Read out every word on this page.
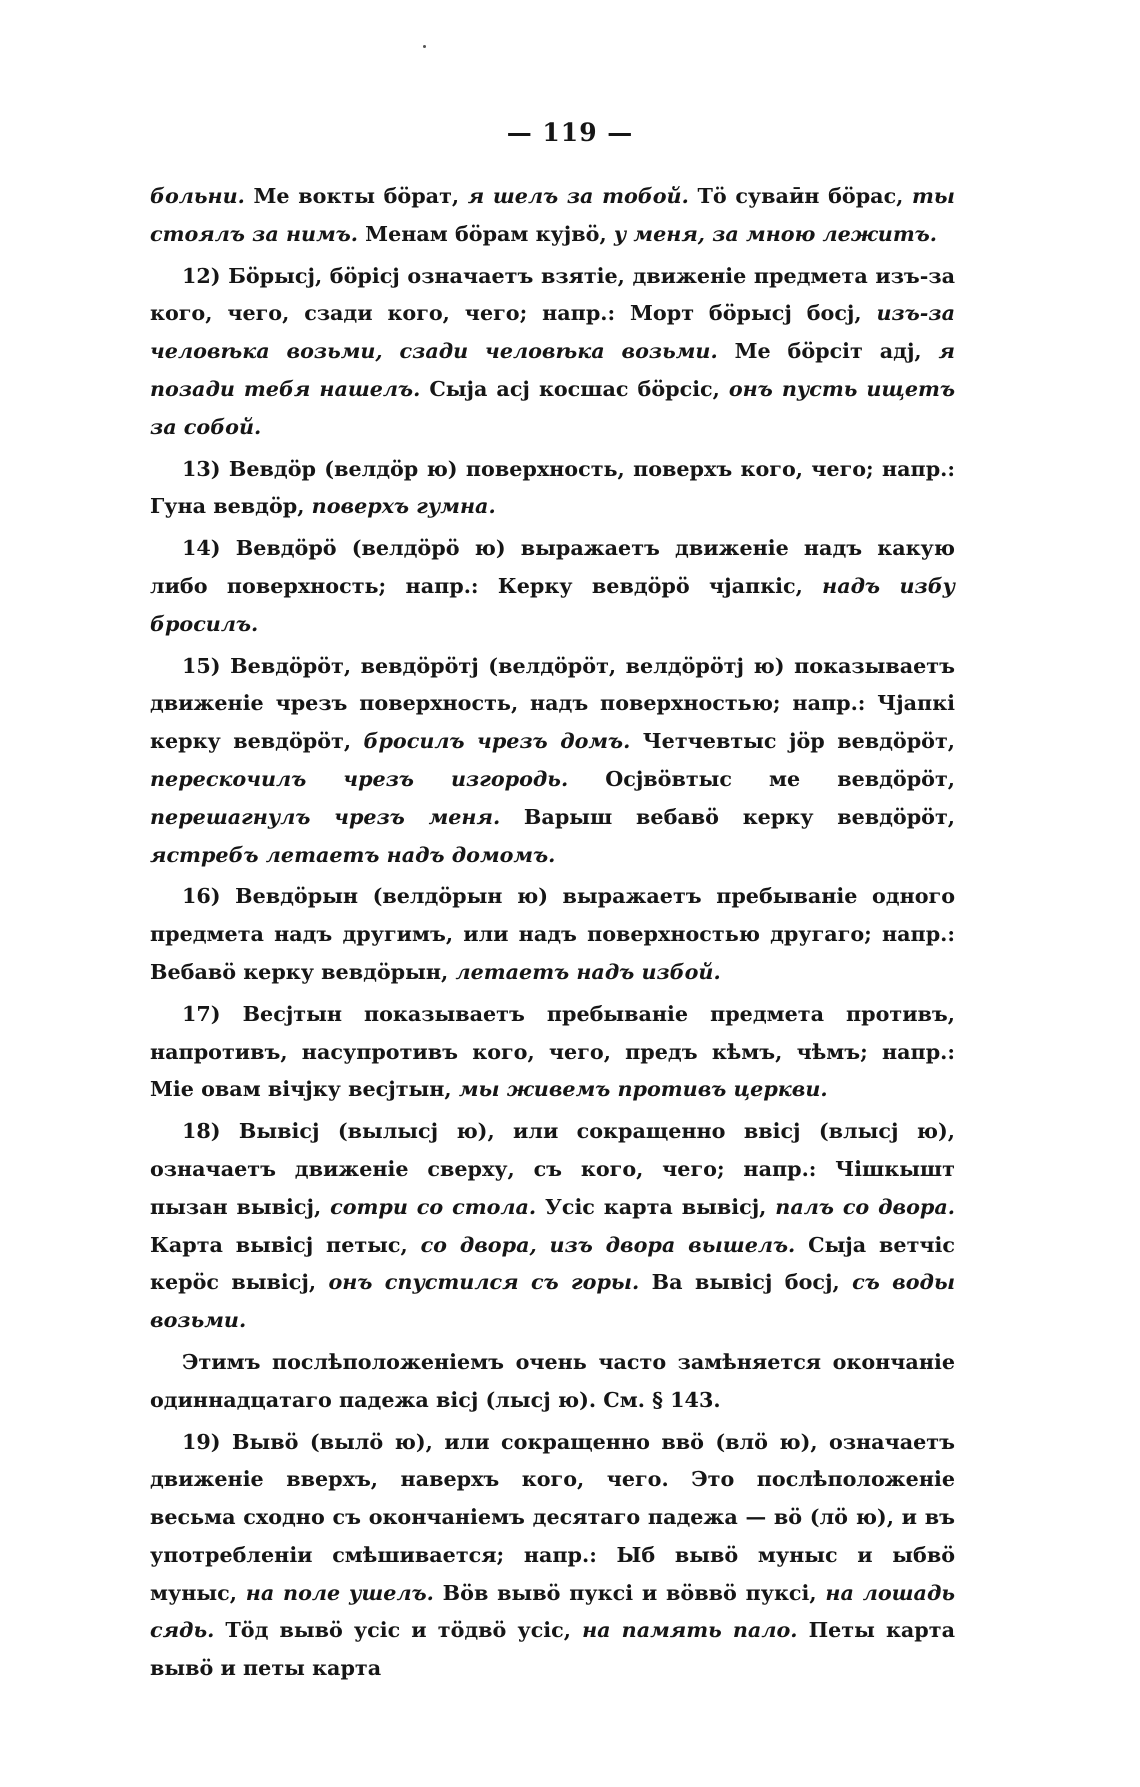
— 119 —

больни. Ме вокты бӧрат, я шелъ за тобой. Тӧ суваӣн бӧрас, ты стоялъ за нимъ. Менам бӧрам кујвӧ, у меня, за мною лежитъ.

12) Бӧрысј, бӧрісј означаетъ взятіе, движеніе предмета изъ-за кого, чего, сзади кого, чего; напр.: Морт бӧрысј босј, изъ-за человѣка возьми, сзади человѣка возьми. Ме бӧрсіт адј, я позади тебя нашелъ. Сыја асј косшас бӧрсіс, онъ пусть ищетъ за собой.

13) Вевдӧр (велдӧр ю) поверхность, поверхъ кого, чего; напр.: Гуна вевдӧр, поверхъ гумна.

14) Вевдӧрӧ (велдӧрӧ ю) выражаетъ движеніе надъ какую либо поверхность; напр.: Керку вевдӧрӧ чјапкіс, надъ избу бросилъ.

15) Вевдӧрӧт, вевдӧрӧтј (велдӧрӧт, велдӧрӧтј ю) показываетъ движеніе чрезъ поверхность, надъ поверхностью; напр.: Чјапкі керку вевдӧрӧт, бросилъ чрезъ домъ. Четчевтыс јӧр вевдӧрӧт, перескочилъ чрезъ изгородь. Осјвӧвтыс ме вевдӧрӧт, перешагнулъ чрезъ меня. Варыш вебавӧ керку вевдӧрӧт, ястребъ летаетъ надъ домомъ.

16) Вевдӧрын (велдӧрын ю) выражаетъ пребываніе одного предмета надъ другимъ, или надъ поверхностью другаго; напр.: Вебавӧ керку вевдӧрын, летаетъ надъ избой.

17) Весјтын показываетъ пребываніе предмета противъ, напротивъ, насупротивъ кого, чего, предъ кѣмъ, чѣмъ; напр.: Міе овам вічјку весјтын, мы живемъ противъ церкви.

18) Вывісј (вылысј ю), или сокращенно ввісј (влысј ю), означаетъ движеніе сверху, съ кого, чего; напр.: Чішкышт пызан вывісј, сотри со стола. Усіс карта вывісј, палъ со двора. Карта вывісј петыс, со двора, изъ двора вышелъ. Сыја ветчіс керӧс вывісј, онъ спустился съ горы. Ва вывісј босј, съ воды возьми.

Этимъ послѣположеніемъ очень часто замѣняется окончаніе одиннадцатаго падежа вісј (лысј ю). См. § 143.

19) Вывӧ (вылӧ ю), или сокращенно ввӧ (влӧ ю), означаетъ движеніе вверхъ, наверхъ кого, чего. Это послѣположеніе весьма сходно съ окончаніемъ десятаго падежа — вӧ (лӧ ю), и въ употребленіи смѣшивается; напр.: Ыб вывӧ муныс и ыбвӧ муныс, на поле ушелъ. Вӧв вывӧ пуксі и вӧввӧ пуксі, на лошадь сядь. Тӧд вывӧ усіс и тӧдвӧ усіс, на память пало. Петы карта вывӧ и петы карта
